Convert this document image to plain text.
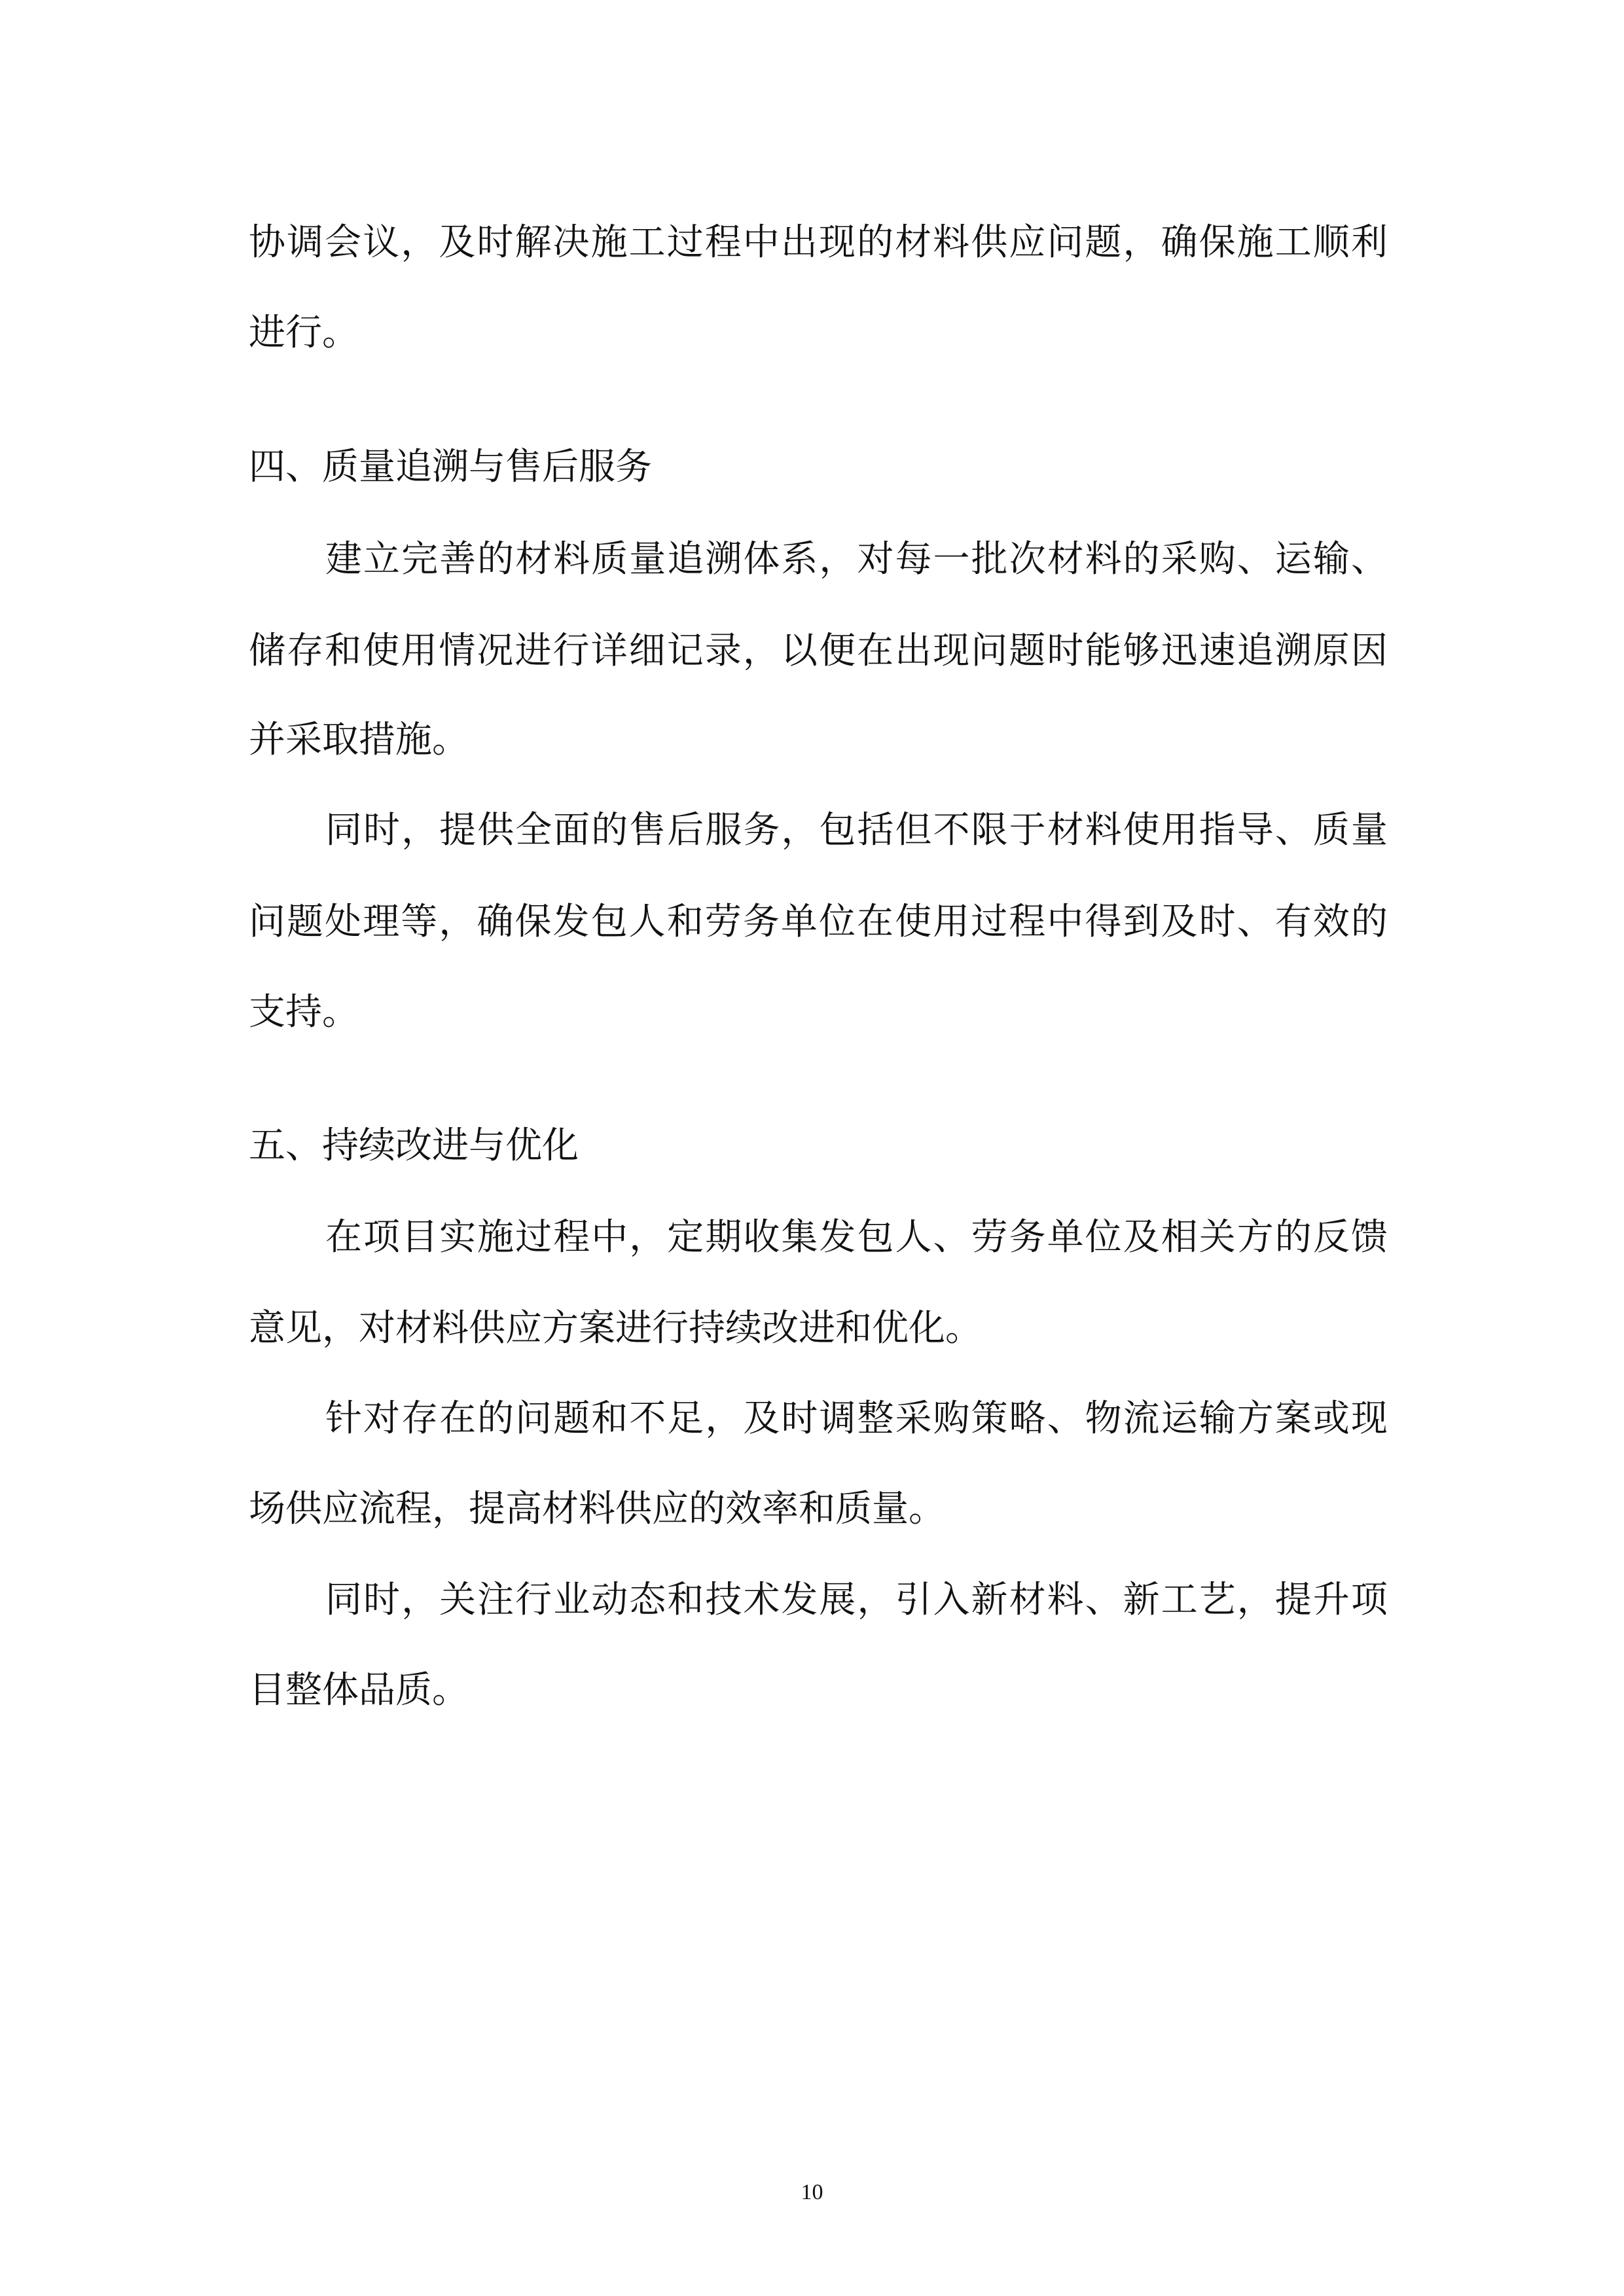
协 调 会 议 ， 及 时 解 决 施 工 过 程 中 出 现 的 材 料 供 应 问 题 ， 确 保 施 工 顺 利

进行。

四、质量追溯与售后服务

建 立 完 善 的 材 料 质 量 追 溯 体 系 ， 对 每 一 批 次 材 料 的 采 购 、 运 输 、

储 存 和 使 用 情 况 进 行 详 细 记 录 ， 以 便 在 出 现 问 题 时 能 够 迅 速 追 溯 原 因

并采取措施。

同 时 ， 提 供 全 面 的 售 后 服 务 ， 包 括 但 不 限 于 材 料 使 用 指 导 、 质 量

问 题 处 理 等 ， 确 保 发 包 人 和 劳 务 单 位 在 使 用 过 程 中 得 到 及 时 、 有 效 的

支持。

五、持续改进与优化

在 项 目 实 施 过 程 中 ， 定 期 收 集 发 包 人 、 劳 务 单 位 及 相 关 方 的 反 馈

意见，对材料供应方案进行持续改进和优化。

针 对 存 在 的 问 题 和 不 足 ， 及 时 调 整 采 购 策 略 、 物 流 运 输 方 案 或 现

场供应流程，提高材料供应的效率和质量。

同 时 ， 关 注 行 业 动 态 和 技 术 发 展 ， 引 入 新 材 料 、 新 工 艺 ， 提 升 项

目整体品质。

10
